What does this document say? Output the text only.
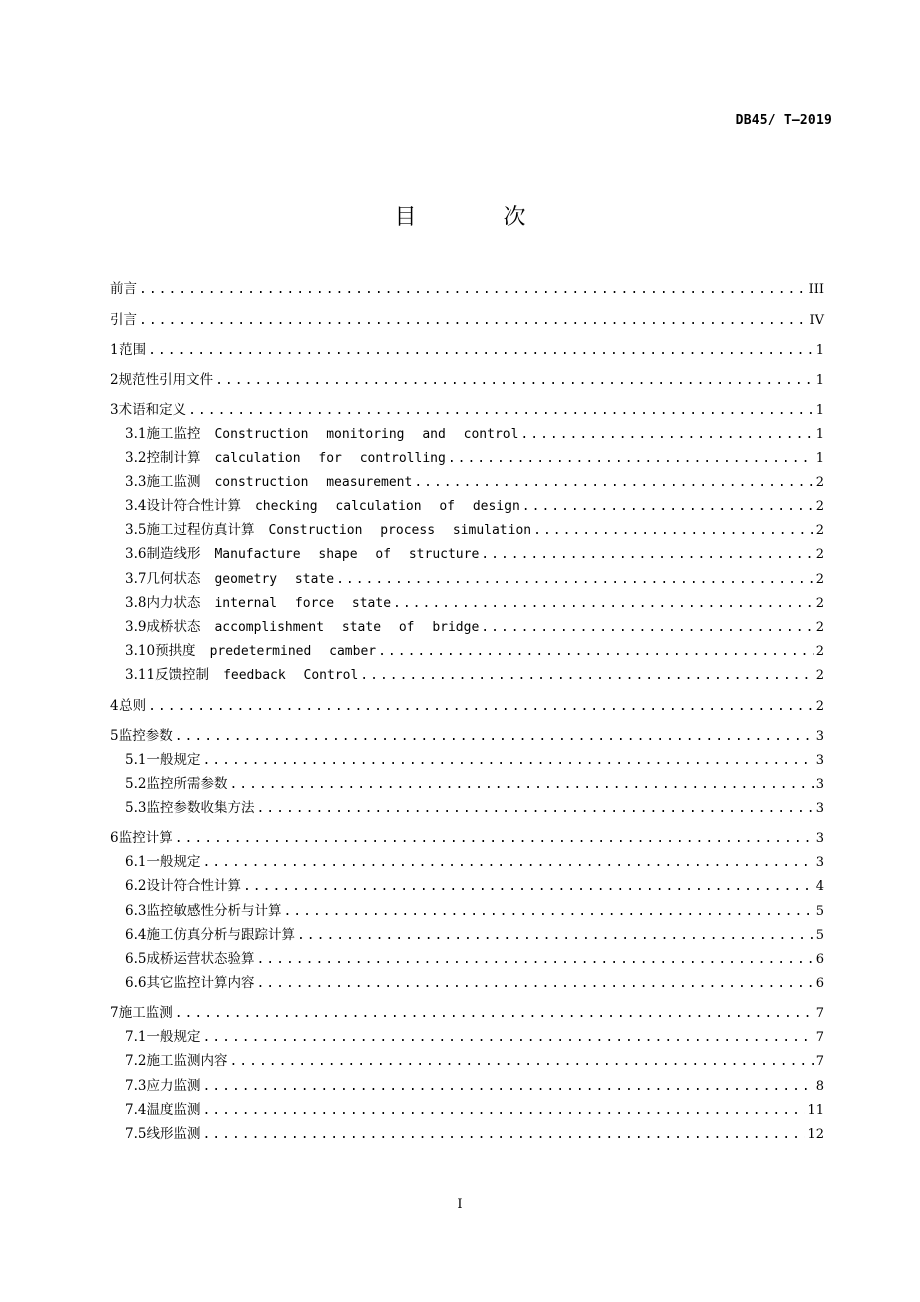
DB45/ T—2019
目 次
前言 .....	III
引言 .....	IV
1 范围 .....	1
2 规范性引用文件 .....	1
3 术语和定义 .....	1
3.1 施工监控 Construction monitoring and control .....	1
3.2 控制计算 calculation for controlling .....	1
3.3 施工监测 construction measurement .....	2
3.4 设计符合性计算 checking calculation of design .....	2
3.5 施工过程仿真计算 Construction process simulation .....	2
3.6 制造线形 Manufacture shape of structure .....	2
3.7 几何状态 geometry state .....	2
3.8 内力状态 internal force state .....	2
3.9 成桥状态 accomplishment state of bridge .....	2
3.10 预拱度 predetermined camber .....	2
3.11 反馈控制 feedback Control .....	2
4 总则 .....	2
5 监控参数 .....	3
5.1 一般规定 .....	3
5.2 监控所需参数 .....	3
5.3 监控参数收集方法 .....	3
6 监控计算 .....	3
6.1 一般规定 .....	3
6.2 设计符合性计算 .....	4
6.3 监控敏感性分析与计算 .....	5
6.4 施工仿真分析与跟踪计算 .....	5
6.5 成桥运营状态验算 .....	6
6.6 其它监控计算内容 .....	6
7 施工监测 .....	7
7.1 一般规定 .....	7
7.2 施工监测内容 .....	7
7.3 应力监测 .....	8
7.4 温度监测 .....	11
7.5 线形监测 .....	12
I
